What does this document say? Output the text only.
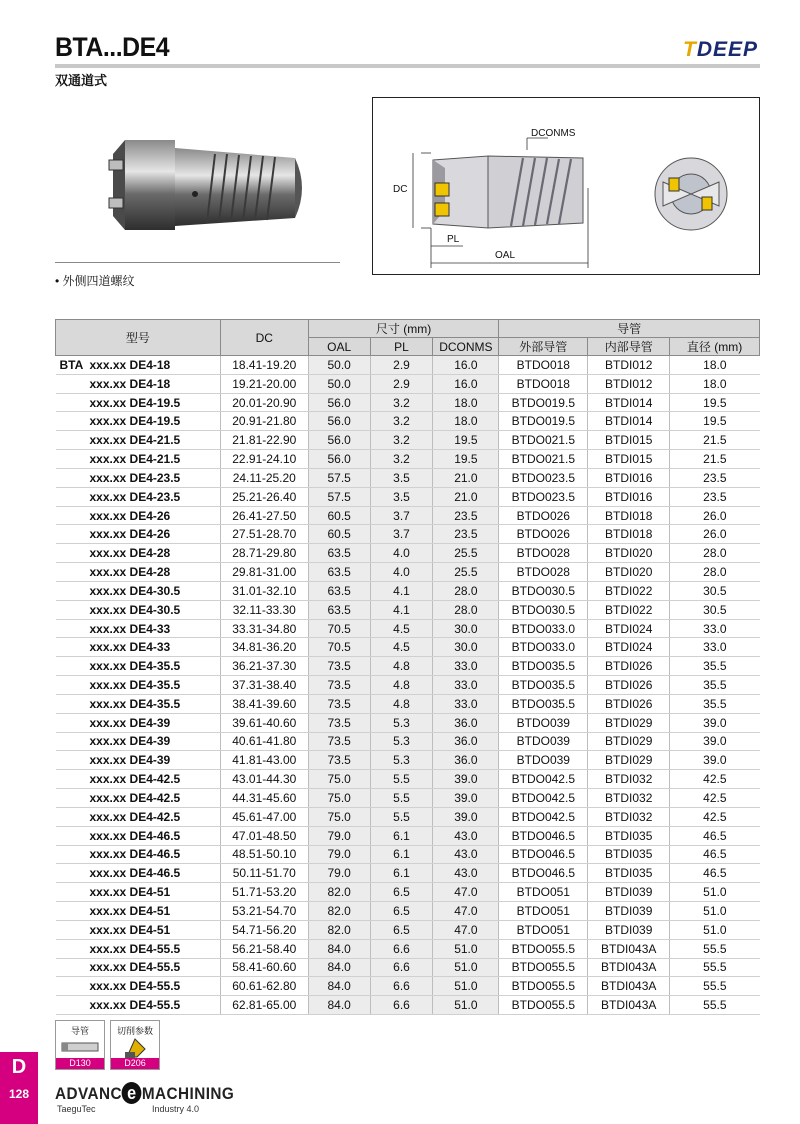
BTA...DE4	TDEEP
双通道式
• 外侧四道螺纹
DCONMS
DC
PL
OAL
型号	DC	尺寸 (mm)			导管		
		OAL	PL	DCONMS	外部导管	内部导管	直径 (mm)
BTA xxx.xx DE4-18	18.41-19.20	50.0	2.9	16.0	BTDO018	BTDI012	18.0
xxx.xx DE4-18	19.21-20.00	50.0	2.9	16.0	BTDO018	BTDI012	18.0
xxx.xx DE4-19.5	20.01-20.90	56.0	3.2	18.0	BTDO019.5	BTDI014	19.5
xxx.xx DE4-19.5	20.91-21.80	56.0	3.2	18.0	BTDO019.5	BTDI014	19.5
xxx.xx DE4-21.5	21.81-22.90	56.0	3.2	19.5	BTDO021.5	BTDI015	21.5
xxx.xx DE4-21.5	22.91-24.10	56.0	3.2	19.5	BTDO021.5	BTDI015	21.5
xxx.xx DE4-23.5	24.11-25.20	57.5	3.5	21.0	BTDO023.5	BTDI016	23.5
xxx.xx DE4-23.5	25.21-26.40	57.5	3.5	21.0	BTDO023.5	BTDI016	23.5
xxx.xx DE4-26	26.41-27.50	60.5	3.7	23.5	BTDO026	BTDI018	26.0
xxx.xx DE4-26	27.51-28.70	60.5	3.7	23.5	BTDO026	BTDI018	26.0
xxx.xx DE4-28	28.71-29.80	63.5	4.0	25.5	BTDO028	BTDI020	28.0
xxx.xx DE4-28	29.81-31.00	63.5	4.0	25.5	BTDO028	BTDI020	28.0
xxx.xx DE4-30.5	31.01-32.10	63.5	4.1	28.0	BTDO030.5	BTDI022	30.5
xxx.xx DE4-30.5	32.11-33.30	63.5	4.1	28.0	BTDO030.5	BTDI022	30.5
xxx.xx DE4-33	33.31-34.80	70.5	4.5	30.0	BTDO033.0	BTDI024	33.0
xxx.xx DE4-33	34.81-36.20	70.5	4.5	30.0	BTDO033.0	BTDI024	33.0
xxx.xx DE4-35.5	36.21-37.30	73.5	4.8	33.0	BTDO035.5	BTDI026	35.5
xxx.xx DE4-35.5	37.31-38.40	73.5	4.8	33.0	BTDO035.5	BTDI026	35.5
xxx.xx DE4-35.5	38.41-39.60	73.5	4.8	33.0	BTDO035.5	BTDI026	35.5
xxx.xx DE4-39	39.61-40.60	73.5	5.3	36.0	BTDO039	BTDI029	39.0
xxx.xx DE4-39	40.61-41.80	73.5	5.3	36.0	BTDO039	BTDI029	39.0
xxx.xx DE4-39	41.81-43.00	73.5	5.3	36.0	BTDO039	BTDI029	39.0
xxx.xx DE4-42.5	43.01-44.30	75.0	5.5	39.0	BTDO042.5	BTDI032	42.5
xxx.xx DE4-42.5	44.31-45.60	75.0	5.5	39.0	BTDO042.5	BTDI032	42.5
xxx.xx DE4-42.5	45.61-47.00	75.0	5.5	39.0	BTDO042.5	BTDI032	42.5
xxx.xx DE4-46.5	47.01-48.50	79.0	6.1	43.0	BTDO046.5	BTDI035	46.5
xxx.xx DE4-46.5	48.51-50.10	79.0	6.1	43.0	BTDO046.5	BTDI035	46.5
xxx.xx DE4-46.5	50.11-51.70	79.0	6.1	43.0	BTDO046.5	BTDI035	46.5
xxx.xx DE4-51	51.71-53.20	82.0	6.5	47.0	BTDO051	BTDI039	51.0
xxx.xx DE4-51	53.21-54.70	82.0	6.5	47.0	BTDO051	BTDI039	51.0
xxx.xx DE4-51	54.71-56.20	82.0	6.5	47.0	BTDO051	BTDI039	51.0
xxx.xx DE4-55.5	56.21-58.40	84.0	6.6	51.0	BTDO055.5	BTDI043A	55.5
xxx.xx DE4-55.5	58.41-60.60	84.0	6.6	51.0	BTDO055.5	BTDI043A	55.5
xxx.xx DE4-55.5	60.61-62.80	84.0	6.6	51.0	BTDO055.5	BTDI043A	55.5
xxx.xx DE4-55.5	62.81-65.00	84.0	6.6	51.0	BTDO055.5	BTDI043A	55.5
导管
D130
切削参数
D206
D
128	ADVANC e MACHINING
TaeguTec	Industry 4.0
